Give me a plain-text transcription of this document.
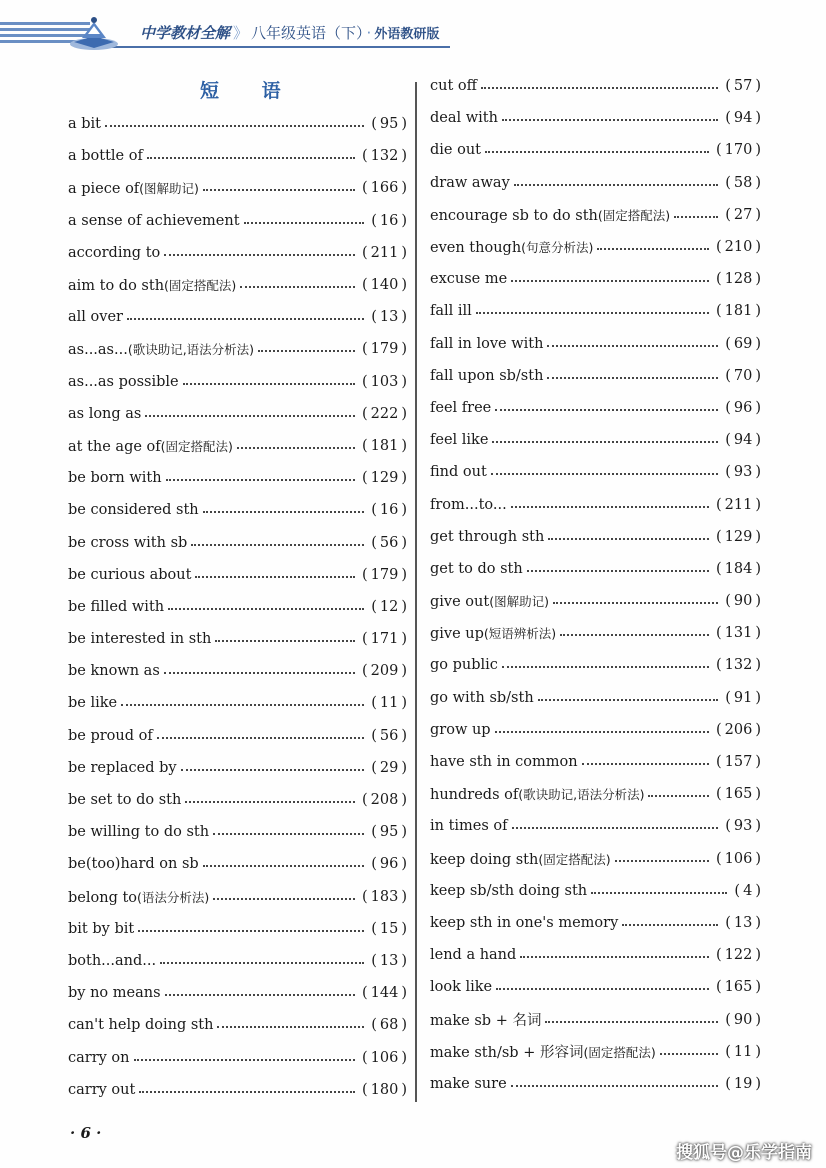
中学教材全解 》 八年级英语（下） · 外语教研版
短 语
a bit	( 95 )
a bottle of	( 132 )
a piece of(图解助记)	( 166 )
a sense of achievement	( 16 )
according to	( 211 )
aim to do sth(固定搭配法)	( 140 )
all over	( 13 )
as...as...(歌诀助记,语法分析法)	( 179 )
as...as possible	( 103 )
as long as	( 222 )
at the age of(固定搭配法)	( 181 )
be born with	( 129 )
be considered sth	( 16 )
be cross with sb	( 56 )
be curious about	( 179 )
be filled with	( 12 )
be interested in sth	( 171 )
be known as	( 209 )
be like	( 11 )
be proud of	( 56 )
be replaced by	( 29 )
be set to do sth	( 208 )
be willing to do sth	( 95 )
be(too)hard on sb	( 96 )
belong to(语法分析法)	( 183 )
bit by bit	( 15 )
both...and...	( 13 )
by no means	( 144 )
can't help doing sth	( 68 )
carry on	( 106 )
carry out	( 180 )
cut off	( 57 )
deal with	( 94 )
die out	( 170 )
draw away	( 58 )
encourage sb to do sth(固定搭配法)	( 27 )
even though(句意分析法)	( 210 )
excuse me	( 128 )
fall ill	( 181 )
fall in love with	( 69 )
fall upon sb/sth	( 70 )
feel free	( 96 )
feel like	( 94 )
find out	( 93 )
from...to...	( 211 )
get through sth	( 129 )
get to do sth	( 184 )
give out(图解助记)	( 90 )
give up(短语辨析法)	( 131 )
go public	( 132 )
go with sb/sth	( 91 )
grow up	( 206 )
have sth in common	( 157 )
hundreds of(歌诀助记,语法分析法)	( 165 )
in times of	( 93 )
keep doing sth(固定搭配法)	( 106 )
keep sb/sth doing sth	( 4 )
keep sth in one's memory	( 13 )
lend a hand	( 122 )
look like	( 165 )
make sb + 名词	( 90 )
make sth/sb + 形容词(固定搭配法)	( 11 )
make sure	( 19 )
· 6 ·
搜狐号@乐学指南
